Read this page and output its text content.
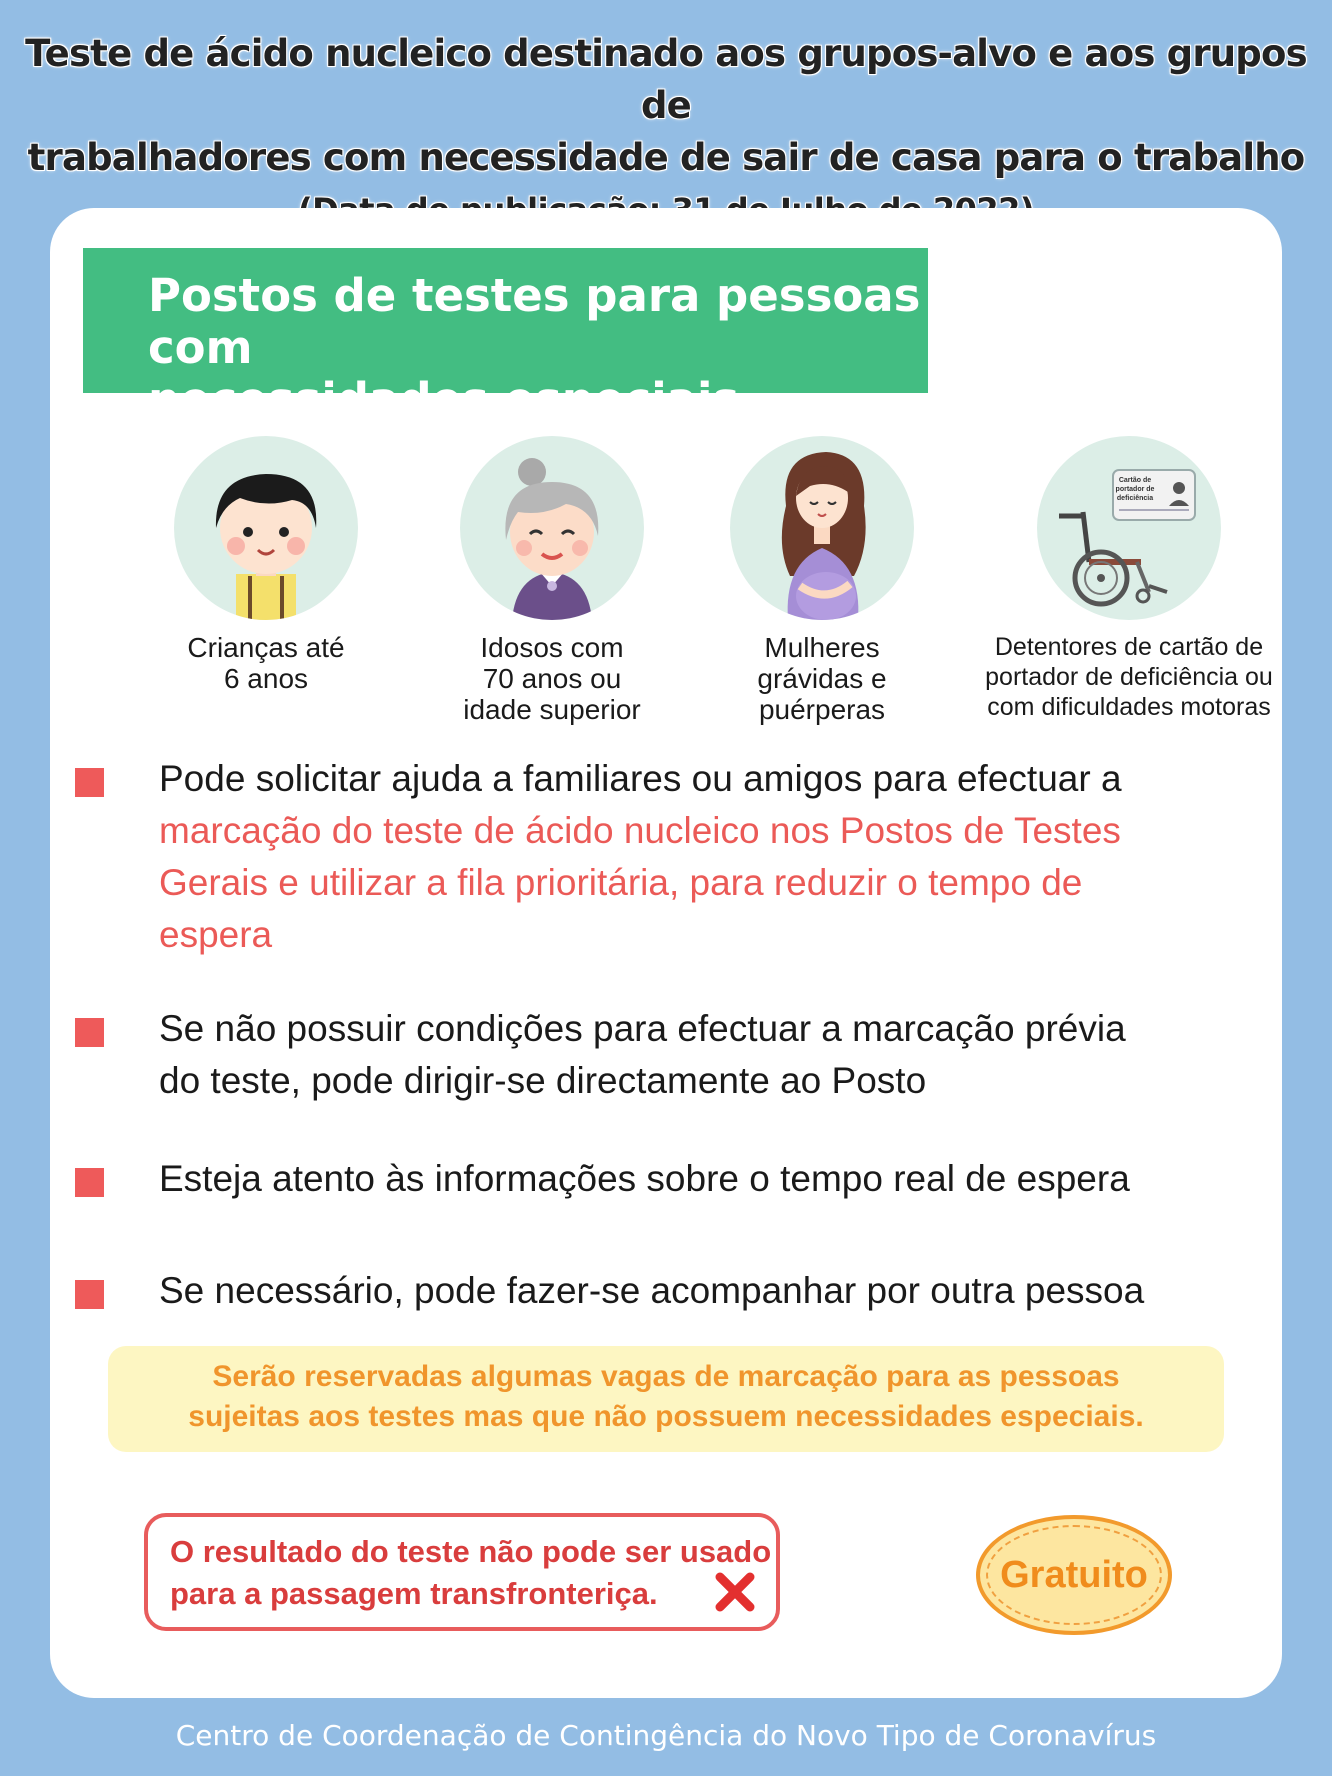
Teste de ácido nucleico destinado aos grupos-alvo e aos grupos de
trabalhadores com necessidade de sair de casa para o trabalho
Postos de testes para pessoas com
necessidades especiais
Crianças até
6 anos
Idosos com
70 anos ou
idade superior
Mulheres
grávidas e
puérperas
Cartão de
portador de
deficiência
Detentores de cartão de
portador de deficiência ou
com dificuldades motoras
Pode solicitar ajuda a familiares ou amigos para efectuar a
marcação do teste de ácido nucleico nos Postos de Testes
Gerais e utilizar a fila prioritária, para reduzir o tempo de
espera
Se não possuir condições para efectuar a marcação prévia
do teste, pode dirigir-se directamente ao Posto
Esteja atento às informações sobre o tempo real de espera
Se necessário, pode fazer-se acompanhar por outra pessoa
Serão reservadas algumas vagas de marcação para as pessoas
sujeitas aos testes mas que não possuem necessidades especiais.
O resultado do teste não pode ser usado
para a passagem transfronteriça.	Gratuito
Centro de Coordenação de Contingência do Novo Tipo de Coronavírus
